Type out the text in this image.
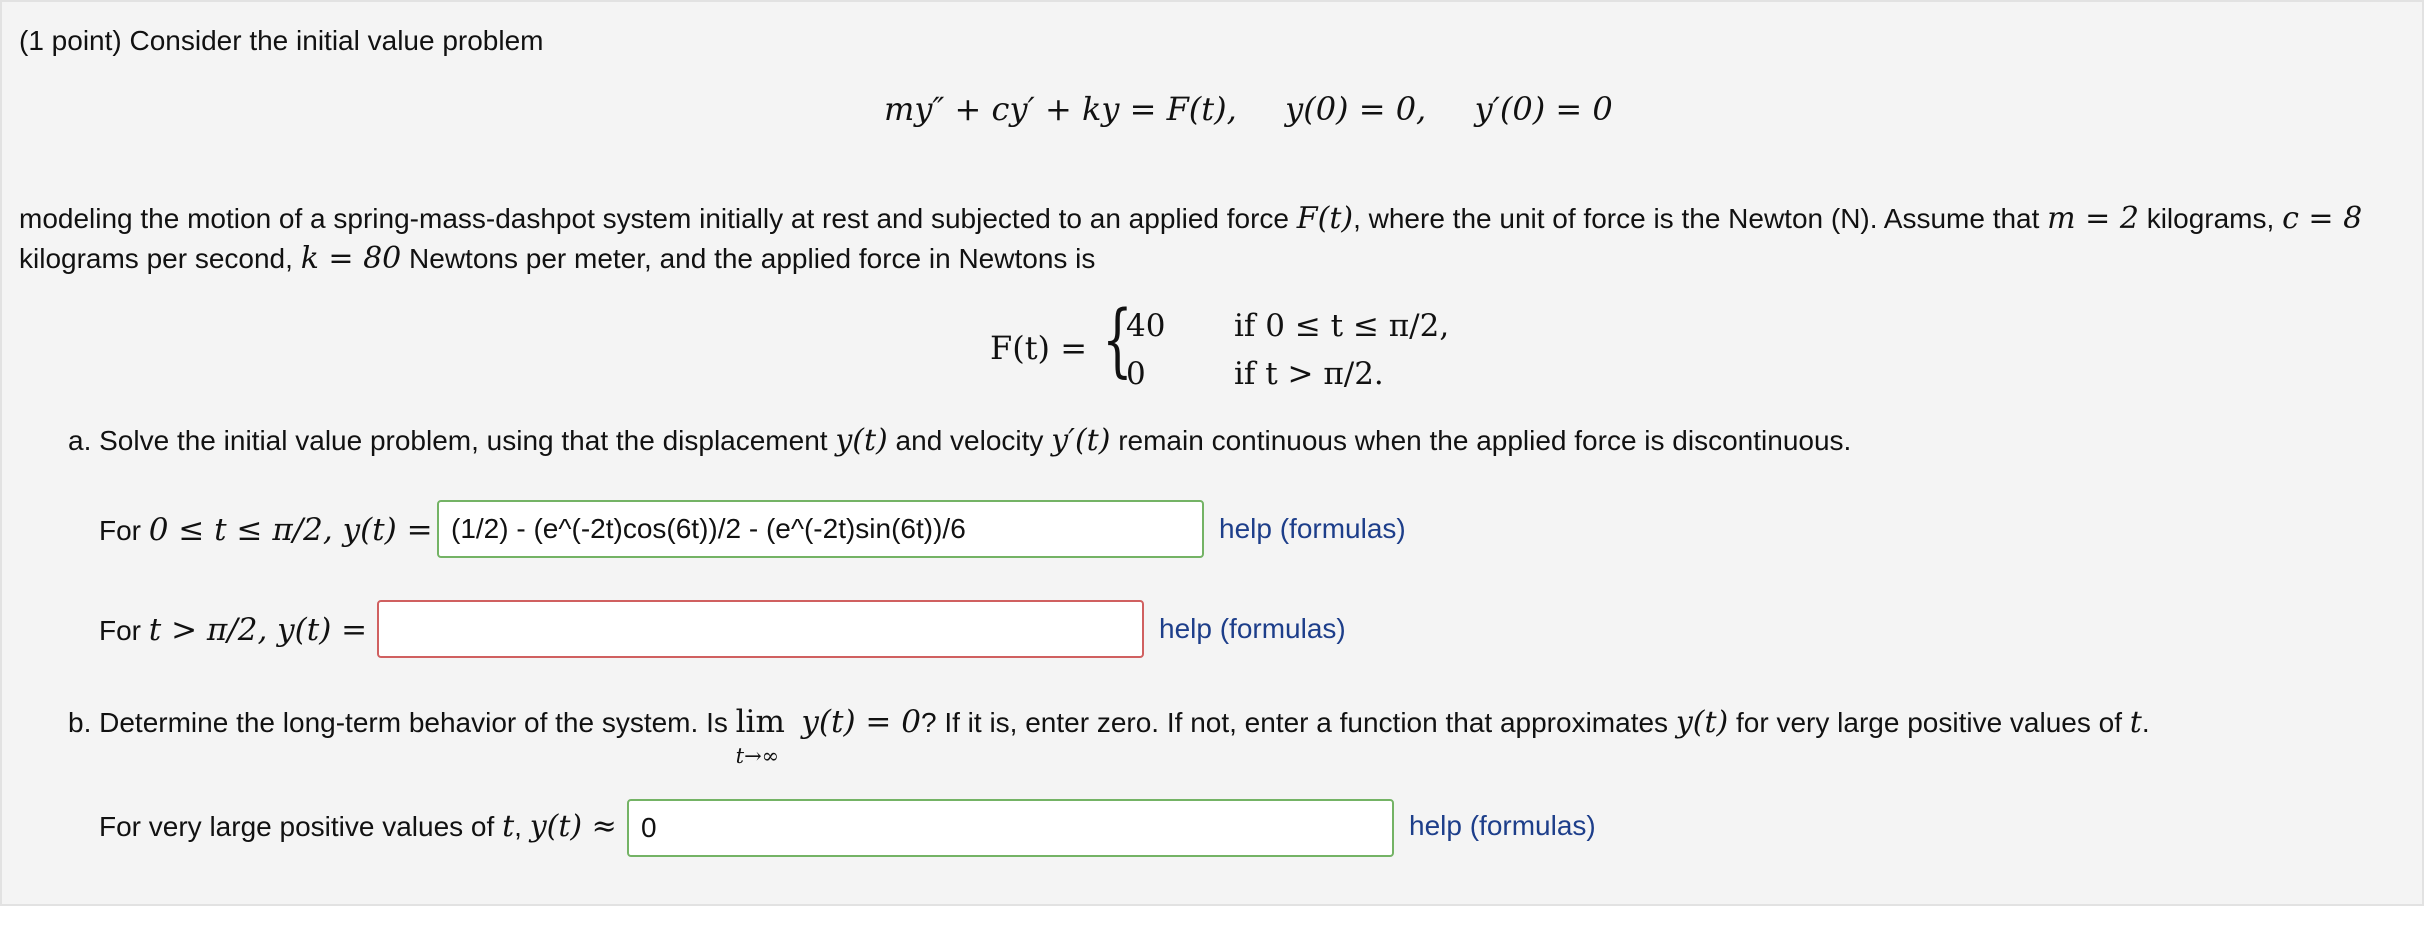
(1 point) Consider the initial value problem
my″ + cy′ + ky = F(t), y(0) = 0, y′(0) = 0
modeling the motion of a spring-mass-dashpot system initially at rest and subjected to an applied force F(t), where the unit of force is the Newton (N). Assume that m = 2 kilograms, c = 8
kilograms per second, k = 80 Newtons per meter, and the applied force in Newtons is
F(t) = {
40 if 0 ≤ t ≤ π/2,
0	if t > π/2.
a. Solve the initial value problem, using that the displacement y(t) and velocity y′(t) remain continuous when the applied force is discontinuous.
For 0 ≤ t ≤ π/2, y(t) =
(1/2) - (e^(-2t)cos(6t))/2 - (e^(-2t)sin(6t))/6	help (formulas)
For t > π/2, y(t) =	help (formulas)
b. Determine the long-term behavior of the system. Is lim
t→∞
y(t) = 0? If it is, enter zero. If not, enter a function that approximates y(t) for very large positive values of t.
For very large positive values of t, y(t) ≈
0	help (formulas)
